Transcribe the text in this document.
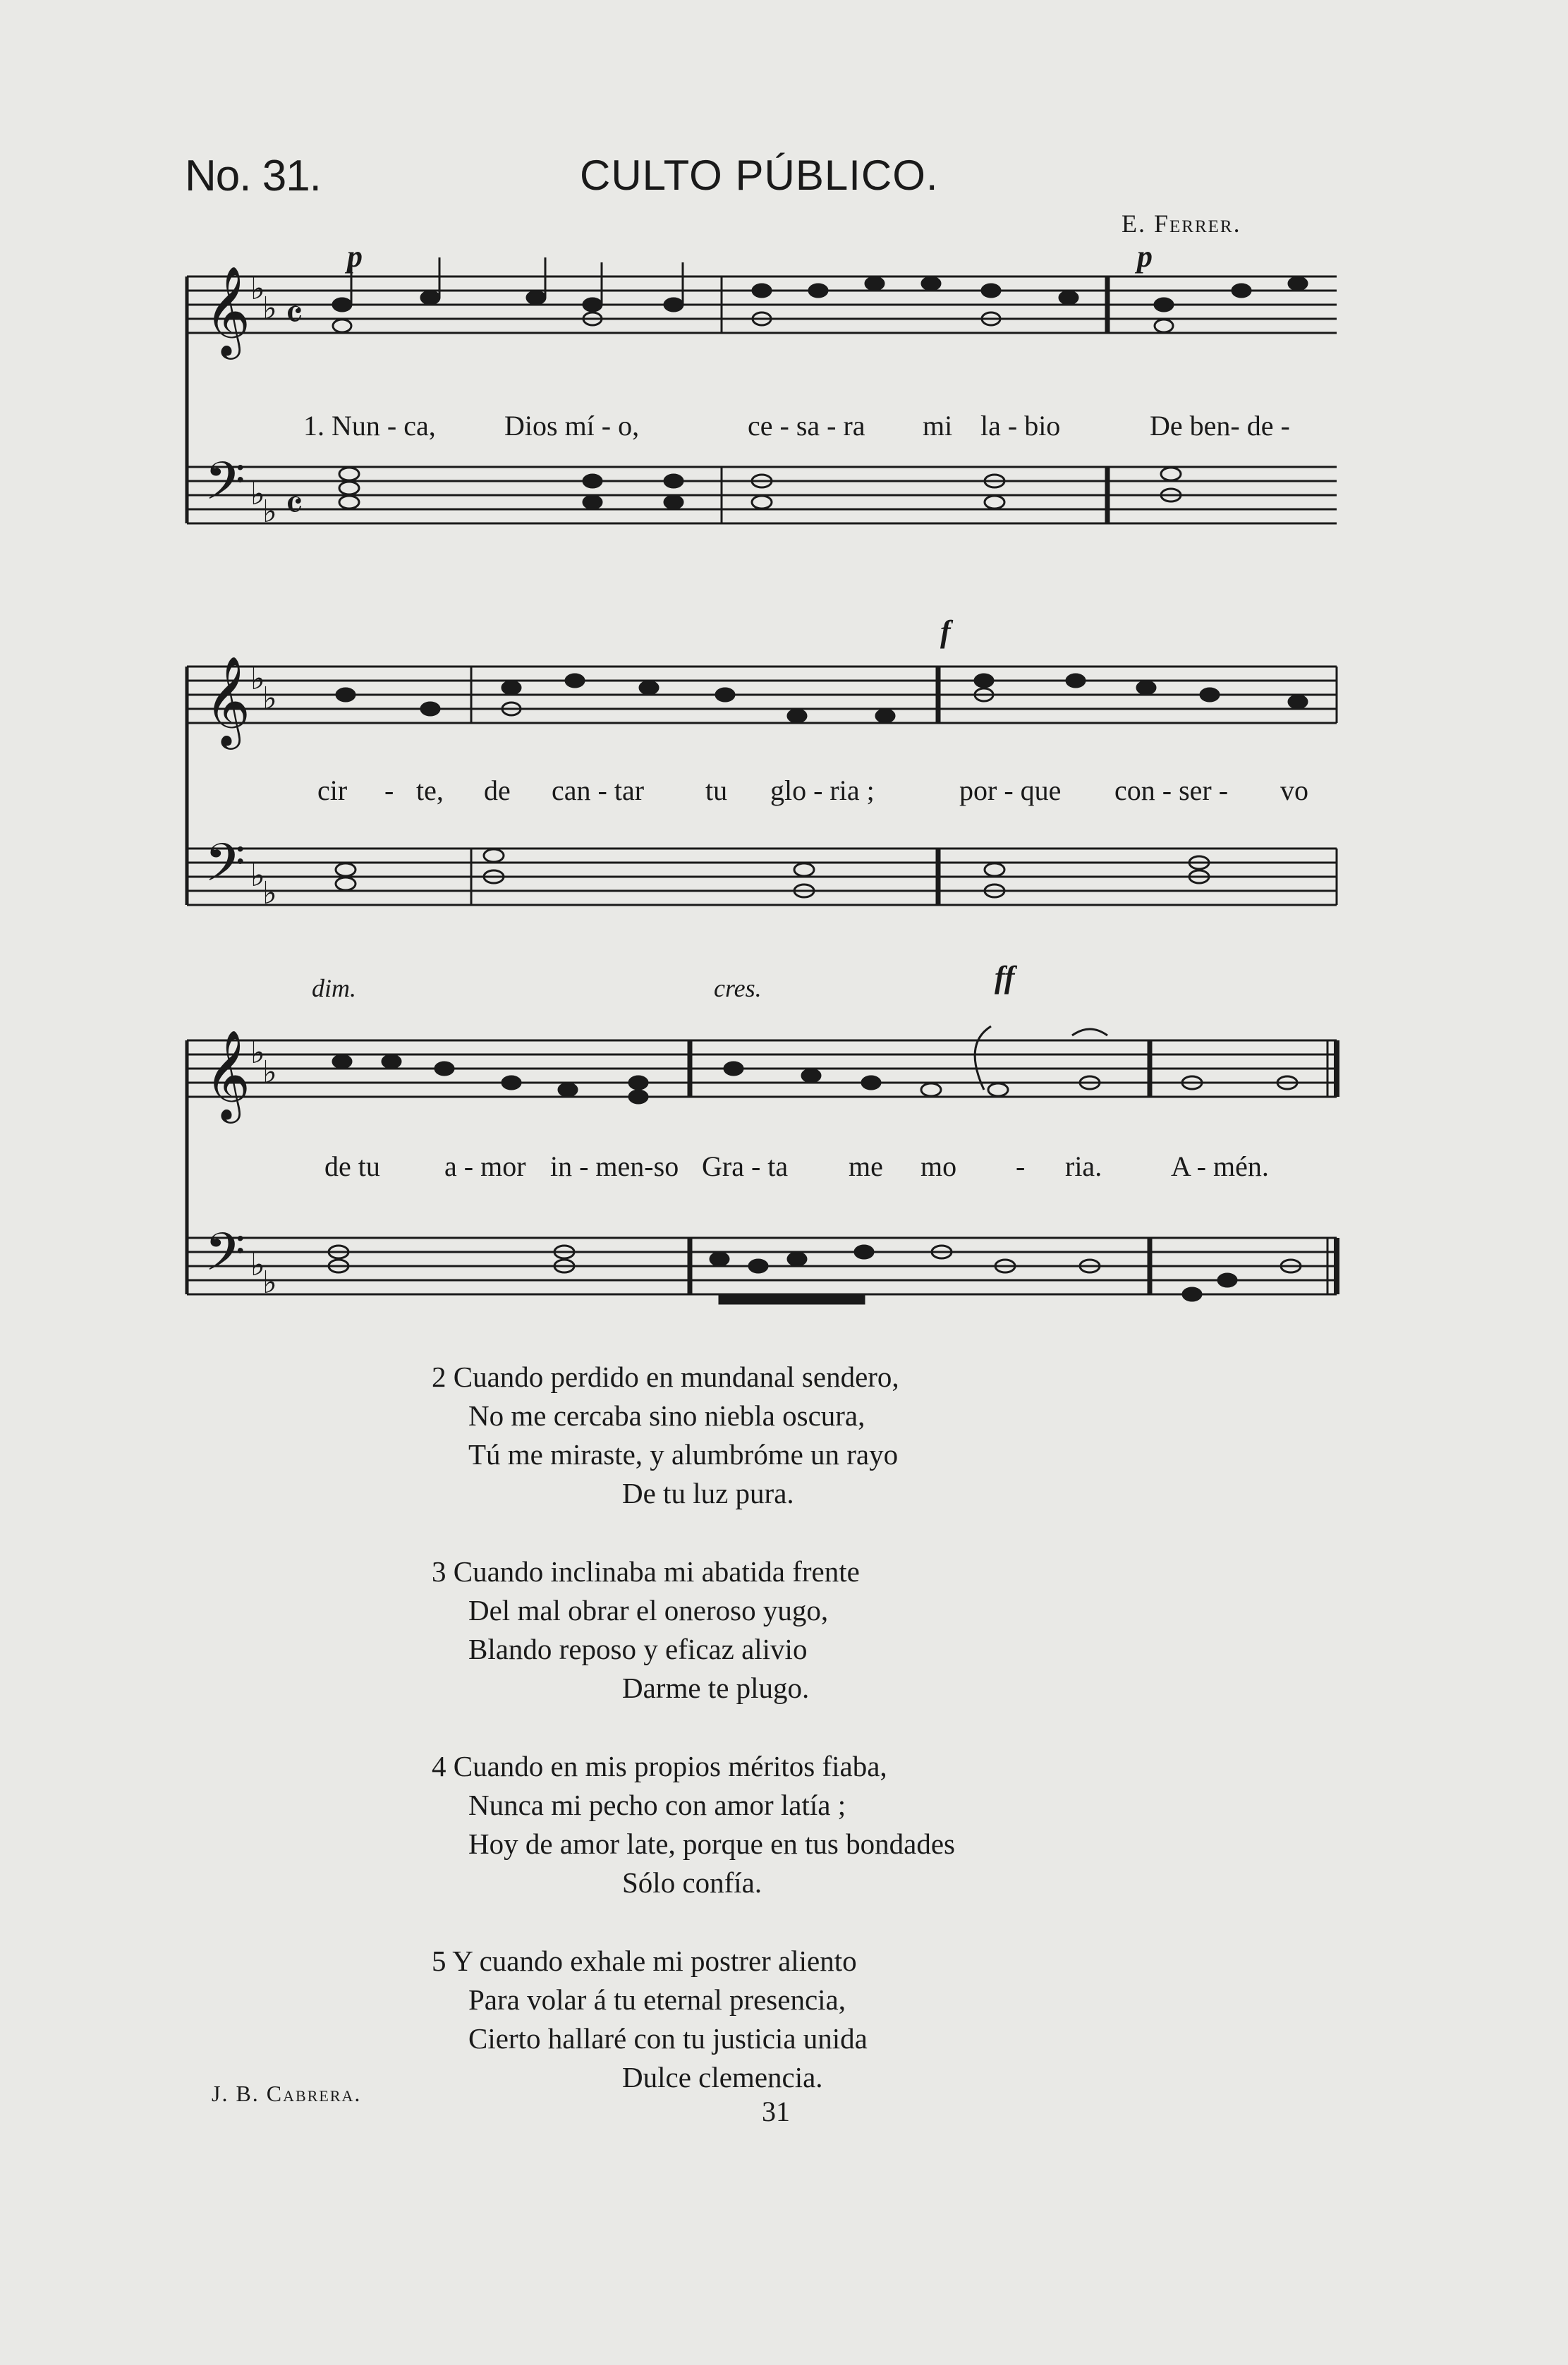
No. 31.	CULTO PÚBLICO.
E. Ferrer.
𝄞
𝄢
𝄞
𝄢
𝄞
𝄢
♭
♭
♭
♭
♭
♭
♭
♭
♭
♭
♭
♭
𝄴
𝄴
p	p
f
dim.	cres.	ff
1. Nun - ca, Dios mí - o,	ce - sa - ra mi la - bio	De ben- de -
cir - te, de can - tar tu glo - ria ;	por - que con - ser - vo
de tu a - mor in - men-so Gra - ta me mo - ria. A - mén.
2 Cuando perdido en mundanal sendero,
No me cercaba sino niebla oscura,
Tú me miraste, y alumbróme un rayo
De tu luz pura.
3 Cuando inclinaba mi abatida frente
Del mal obrar el oneroso yugo,
Blando reposo y eficaz alivio
Darme te plugo.
4 Cuando en mis propios méritos fiaba,
Nunca mi pecho con amor latía ;
Hoy de amor late, porque en tus bondades
Sólo confía.
5 Y cuando exhale mi postrer aliento
Para volar á tu eternal presencia,
Cierto hallaré con tu justicia unida
Dulce clemencia.
J. B. Cabrera.
31
